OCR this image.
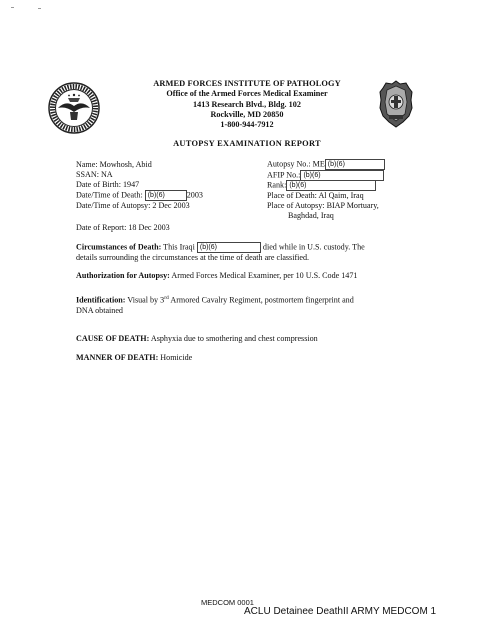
ARMED FORCES INSTITUTE OF PATHOLOGY
Office of the Armed Forces Medical Examiner
1413 Research Blvd., Bldg. 102
Rockville, MD 20850
1-800-944-7912
AUTOPSY EXAMINATION REPORT
Name: Mowhosh, Abid
SSAN: NA
Date of Birth: 1947
Date/Time of Death: (b)(6)	2003
Date/Time of Autopsy: 2 Dec 2003
Date of Report: 18 Dec 2003
Autopsy No.: ME (b)(6)
AFIP No.: (b)(6)
Rank: (b)(6)
Place of Death: Al Qaim, Iraq
Place of Autopsy: BIAP Mortuary,
Baghdad, Iraq
Circumstances of Death: This Iraqi (b)(6)	died while in U.S. custody. The
details surrounding the circumstances at the time of death are classified.
Authorization for Autopsy: Armed Forces Medical Examiner, per 10 U.S. Code 1471
Identification: Visual by 3rd Armored Cavalry Regiment, postmortem fingerprint and
DNA obtained
CAUSE OF DEATH: Asphyxia due to smothering and chest compression
MANNER OF DEATH: Homicide
MEDCOM 0001
ACLU Detainee DeathII ARMY MEDCOM 1
